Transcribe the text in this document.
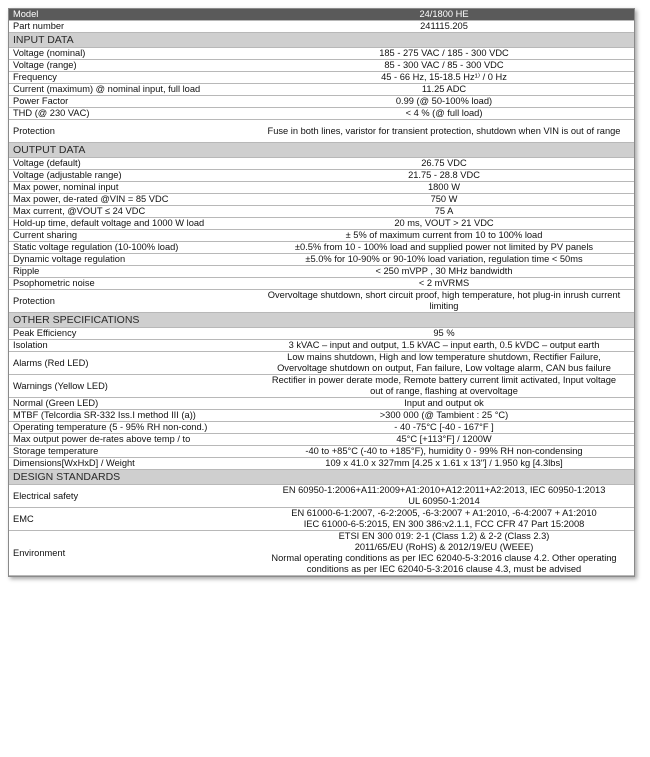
Model	24/1800 HE
Part number	241115.205
INPUT DATA	
Voltage (nominal)	185 - 275 VAC / 185 - 300 VDC
Voltage (range)	85 - 300 VAC / 85 - 300 VDC
Frequency	45 - 66 Hz, 15-18.5 Hz¹⁾ / 0 Hz
Current (maximum) @ nominal input, full load	11.25 ADC
Power Factor	0.99 (@ 50-100% load)
THD (@ 230 VAC)	< 4 % (@ full load)
Protection	Fuse in both lines, varistor for transient protection, shutdown when VIN is out of range
OUTPUT DATA	
Voltage (default)	26.75 VDC
Voltage (adjustable range)	21.75 - 28.8 VDC
Max power, nominal input	1800 W
Max power, de-rated @VIN = 85 VDC	750 W
Max current, @VOUT ≤ 24 VDC	75 A
Hold-up time, default voltage and 1000 W load	20 ms, VOUT > 21 VDC
Current sharing	± 5% of maximum current from 10 to 100% load
Static voltage regulation (10-100% load)	±0.5% from 10 - 100% load and supplied power not limited by PV panels
Dynamic voltage regulation	±5.0% for 10-90% or 90-10% load variation, regulation time < 50ms
Ripple	< 250 mVPP , 30 MHz bandwidth
Psophometric noise	< 2 mVRMS
Protection	Overvoltage shutdown, short circuit proof, high temperature, hot plug-in inrush current
limiting
OTHER SPECIFICATIONS	
Peak Efficiency	95 %
Isolation	3 kVAC – input and output, 1.5 kVAC – input earth, 0.5 kVDC – output earth
Alarms (Red LED)	Low mains shutdown, High and low temperature shutdown, Rectifier Failure,
Overvoltage shutdown on output, Fan failure, Low voltage alarm, CAN bus failure
Warnings (Yellow LED)	Rectifier in power derate mode, Remote battery current limit activated, Input voltage
out of range, flashing at overvoltage
Normal (Green LED)	Input and output ok
MTBF (Telcordia SR-332 Iss.I method III (a))	>300 000 (@ Tambient : 25 °C)
Operating temperature (5 - 95% RH non-cond.)	- 40 -75°C [-40 - 167°F ]
Max output power de-rates above temp / to	45°C [+113°F] / 1200W
Storage temperature	-40 to +85°C (-40 to +185°F), humidity 0 - 99% RH non-condensing
Dimensions[WxHxD] / Weight	109 x 41.0 x 327mm [4.25 x 1.61 x 13"] / 1.950 kg [4.3lbs]
DESIGN STANDARDS	
Electrical safety	EN 60950-1:2006+A11:2009+A1:2010+A12:2011+A2:2013, IEC 60950-1:2013
UL 60950-1:2014
EMC	EN 61000-6-1:2007, -6-2:2005, -6-3:2007 + A1:2010, -6-4:2007 + A1:2010
IEC 61000-6-5:2015, EN 300 386:v2.1.1, FCC CFR 47 Part 15:2008
Environment	ETSI EN 300 019: 2-1 (Class 1.2) & 2-2 (Class 2.3)
2011/65/EU (RoHS) & 2012/19/EU (WEEE)
Normal operating conditions as per IEC 62040-5-3:2016 clause 4.2. Other operating
conditions as per IEC 62040-5-3:2016 clause 4.3, must be advised
